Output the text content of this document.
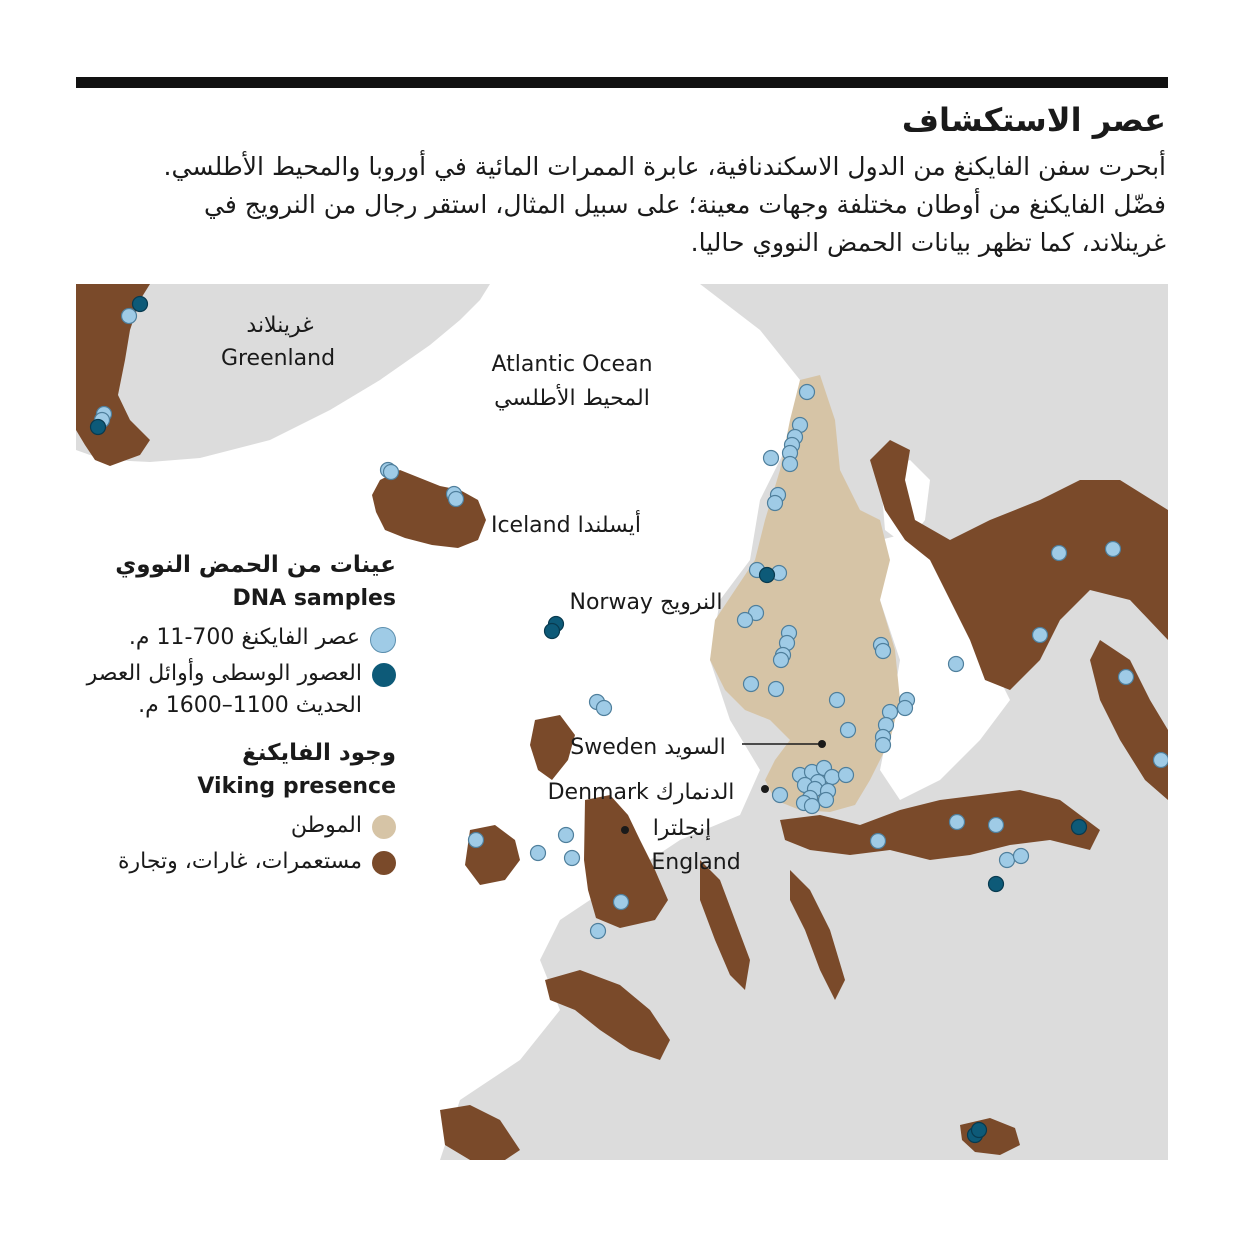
عصر الاستكشاف

أبحرت سفن الفايكنغ من الدول الاسكندنافية، عابرة الممرات المائية في أوروبا والمحيط الأطلسي.

فضّل الفايكنغ من أوطان مختلفة وجهات معينة؛ على سبيل المثال، استقر رجال من النرويج في

غرينلاند، كما تظهر بيانات الحمض النووي حاليا.

غرينلاند
Greenland	Atlantic Ocean
المحيط الأطلسي
Iceland أيسلندا
Norway النرويج
Sweden السويد
Denmark الدنمارك
إنجلترا
England
عينات من الحمض النووي
DNA samples
عصر الفايكنغ 700-11 م.
العصور الوسطى وأوائل العصر الحديث 1100–1600 م.
وجود الفايكنغ
Viking presence
الموطن
مستعمرات، غارات، وتجارة
